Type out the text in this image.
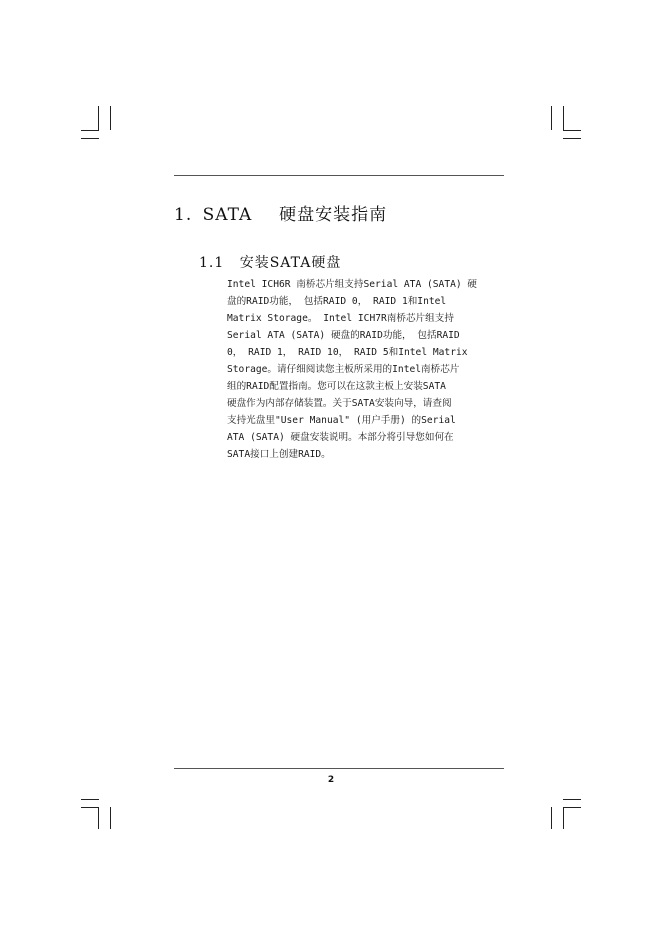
1. SATA 硬盘安装指南
1.1 安装SATA硬盘
Intel ICH6R 南桥芯片组支持Serial ATA (SATA) 硬
盘的RAID功能， 包括RAID 0， RAID 1和Intel
Matrix Storage。 Intel ICH7R南桥芯片组支持
Serial ATA (SATA) 硬盘的RAID功能， 包括RAID
0， RAID 1， RAID 10， RAID 5和Intel Matrix
Storage。请仔细阅读您主板所采用的Intel南桥芯片
组的RAID配置指南。您可以在这款主板上安装SATA
硬盘作为内部存储装置。关于SATA安装向导，请查阅
支持光盘里"User Manual" (用户手册) 的Serial
ATA (SATA) 硬盘安装说明。本部分将引导您如何在
SATA接口上创建RAID。
2
